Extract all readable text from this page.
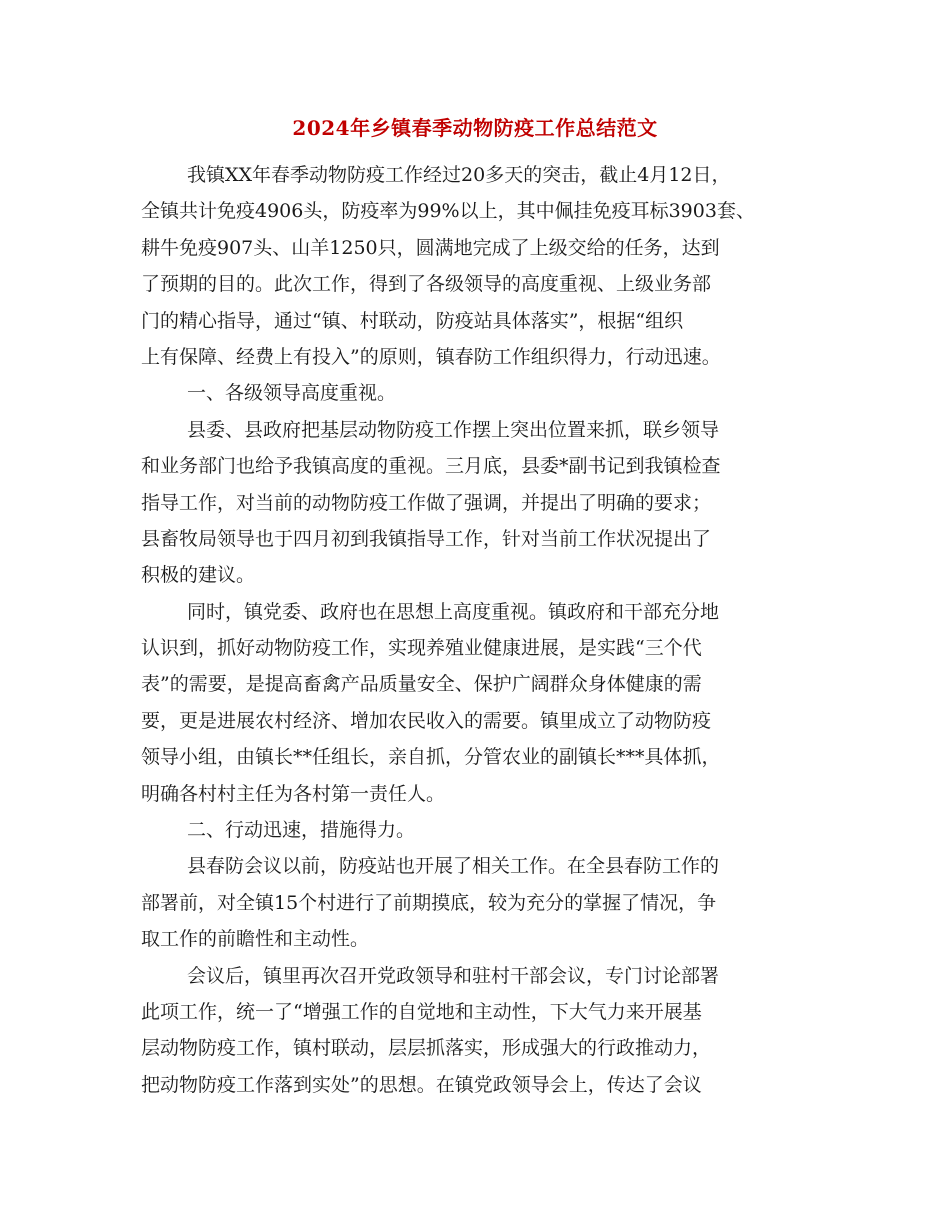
2024年乡镇春季动物防疫工作总结范文
我镇XX年春季动物防疫工作经过20多天的突击，截止4月12日，
全镇共计免疫4906头，防疫率为99%以上，其中佩挂免疫耳标3903套、
耕牛免疫907头、山羊1250只，圆满地完成了上级交给的任务，达到
了预期的目的。此次工作，得到了各级领导的高度重视、上级业务部
门的精心指导，通过“镇、村联动，防疫站具体落实”，根据“组织
上有保障、经费上有投入”的原则，镇春防工作组织得力，行动迅速。
一、各级领导高度重视。
县委、县政府把基层动物防疫工作摆上突出位置来抓，联乡领导
和业务部门也给予我镇高度的重视。三月底，县委*副书记到我镇检查
指导工作，对当前的动物防疫工作做了强调，并提出了明确的要求；
县畜牧局领导也于四月初到我镇指导工作，针对当前工作状况提出了
积极的建议。
同时，镇党委、政府也在思想上高度重视。镇政府和干部充分地
认识到，抓好动物防疫工作，实现养殖业健康进展，是实践“三个代
表”的需要，是提高畜禽产品质量安全、保护广阔群众身体健康的需
要，更是进展农村经济、增加农民收入的需要。镇里成立了动物防疫
领导小组，由镇长**任组长，亲自抓，分管农业的副镇长***具体抓，
明确各村村主任为各村第一责任人。
二、行动迅速，措施得力。
县春防会议以前，防疫站也开展了相关工作。在全县春防工作的
部署前，对全镇15个村进行了前期摸底，较为充分的掌握了情况，争
取工作的前瞻性和主动性。
会议后，镇里再次召开党政领导和驻村干部会议，专门讨论部署
此项工作，统一了“增强工作的自觉地和主动性，下大气力来开展基
层动物防疫工作，镇村联动，层层抓落实，形成强大的行政推动力，
把动物防疫工作落到实处”的思想。在镇党政领导会上，传达了会议
